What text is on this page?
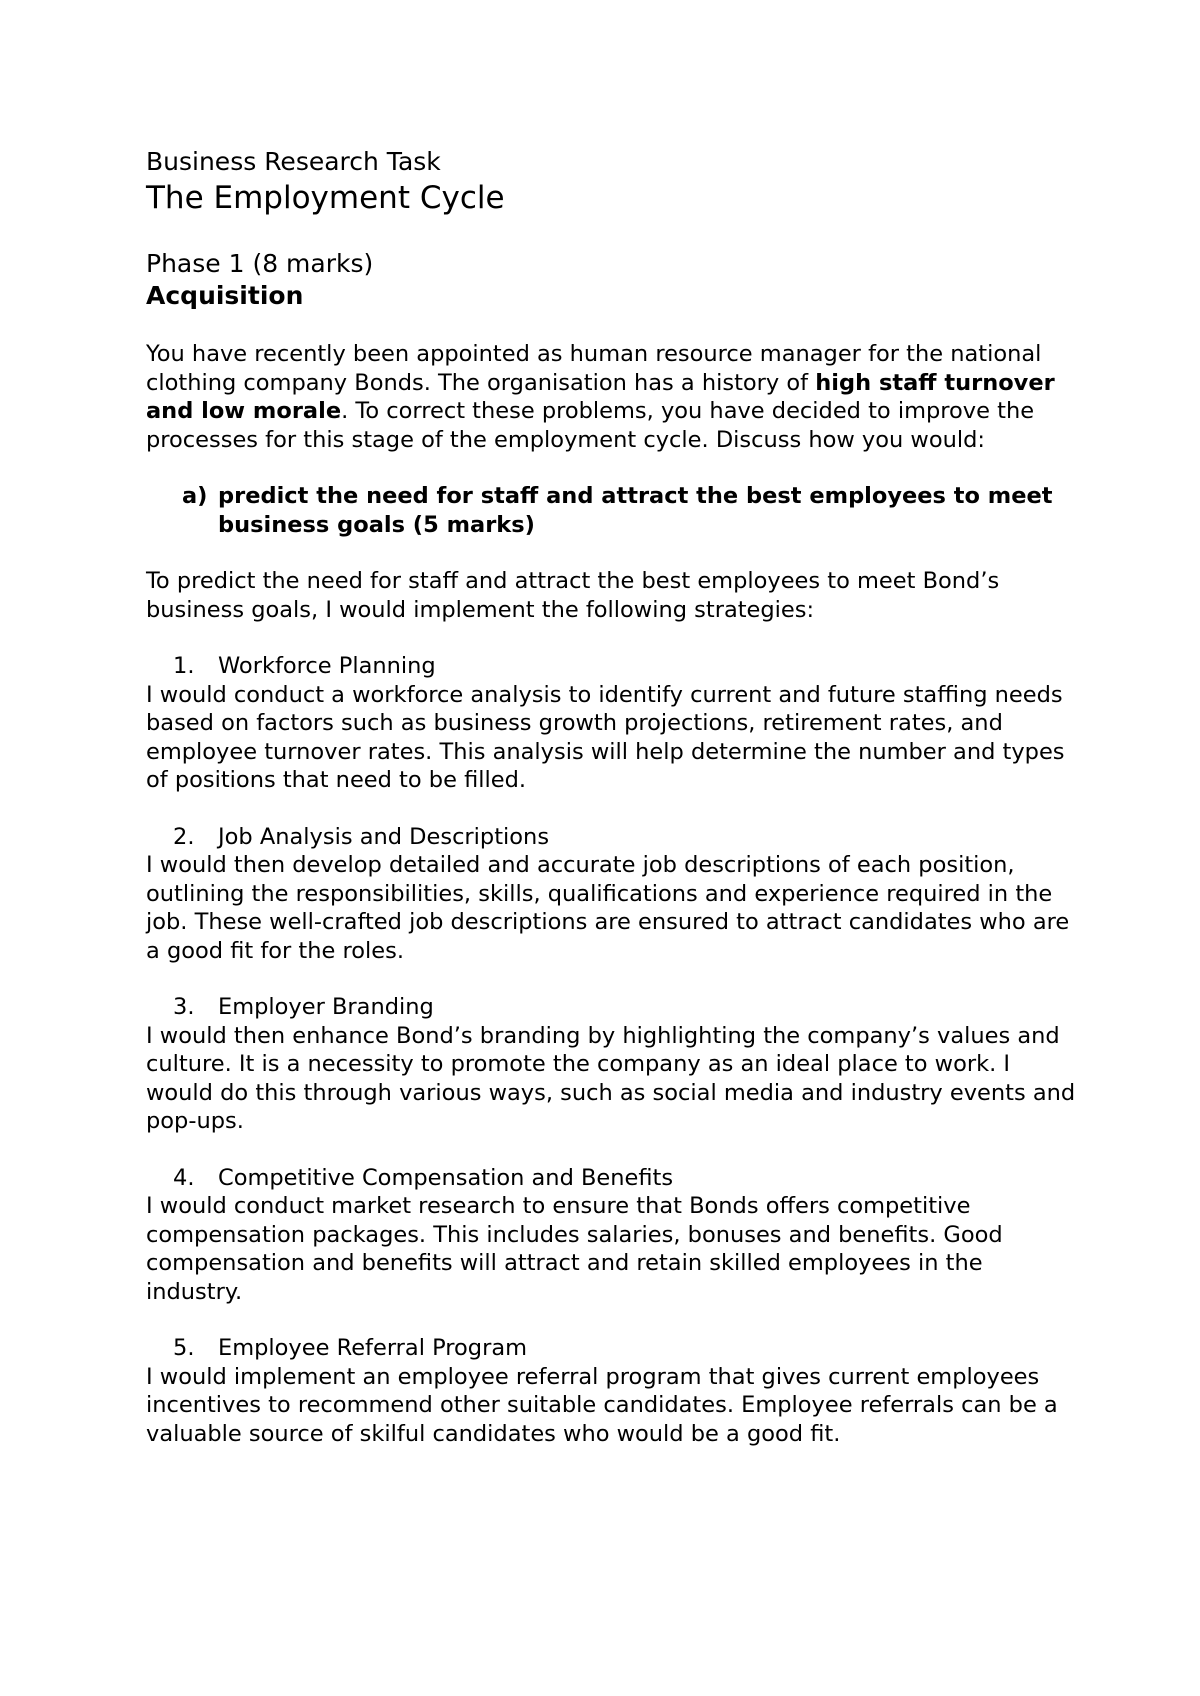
Business Research Task

The Employment Cycle

Phase 1 (8 marks)

Acquisition

You have recently been appointed as human resource manager for the national clothing company Bonds. The organisation has a history of high staff turnover and low morale. To correct these problems, you have decided to improve the processes for this stage of the employment cycle. Discuss how you would:

a) predict the need for staff and attract the best employees to meet business goals (5 marks)

To predict the need for staff and attract the best employees to meet Bond’s business goals, I would implement the following strategies:

1.	Workforce Planning

I would conduct a workforce analysis to identify current and future staffing needs based on factors such as business growth projections, retirement rates, and employee turnover rates. This analysis will help determine the number and types of positions that need to be filled.

2.	Job Analysis and Descriptions

I would then develop detailed and accurate job descriptions of each position, outlining the responsibilities, skills, qualifications and experience required in the job. These well-crafted job descriptions are ensured to attract candidates who are a good fit for the roles.

3.	Employer Branding

I would then enhance Bond’s branding by highlighting the company’s values and culture. It is a necessity to promote the company as an ideal place to work. I would do this through various ways, such as social media and industry events and pop-ups.

4.	Competitive Compensation and Benefits

I would conduct market research to ensure that Bonds offers competitive compensation packages. This includes salaries, bonuses and benefits. Good compensation and benefits will attract and retain skilled employees in the industry.

5.	Employee Referral Program

I would implement an employee referral program that gives current employees incentives to recommend other suitable candidates. Employee referrals can be a valuable source of skilful candidates who would be a good fit.
